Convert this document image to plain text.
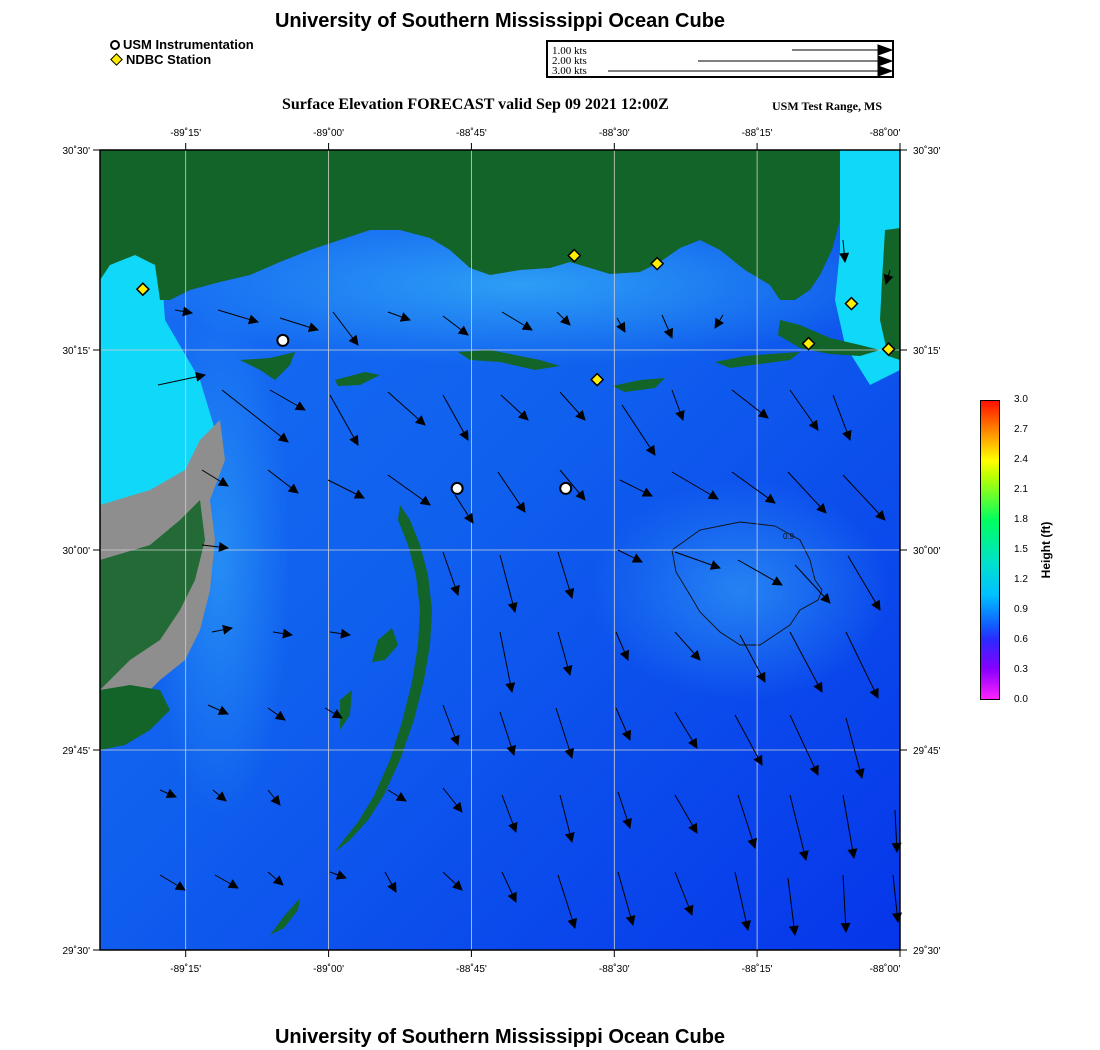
University of Southern Mississippi Ocean Cube
USM Instrumentation
NDBC Station
1.00 kts
2.00 kts
3.00 kts
Surface Elevation FORECAST valid Sep 09 2021 12:00Z	USM Test Range, MS
0.9
-89˚15'	-89˚00'	-88˚45'	-88˚30'	-88˚15'	-88˚00'
-89˚15'	-89˚00'	-88˚45'	-88˚30'	-88˚15'	-88˚00'
30˚30'
30˚15'
30˚00'
29˚45'
29˚30'
30˚30'
30˚15'
30˚00'
29˚45'
29˚30'
3.0
2.7
2.4
2.1
1.8
1.5
1.2
0.9
0.6
0.3
0.0
Height (ft)
University of Southern Mississippi Ocean Cube
